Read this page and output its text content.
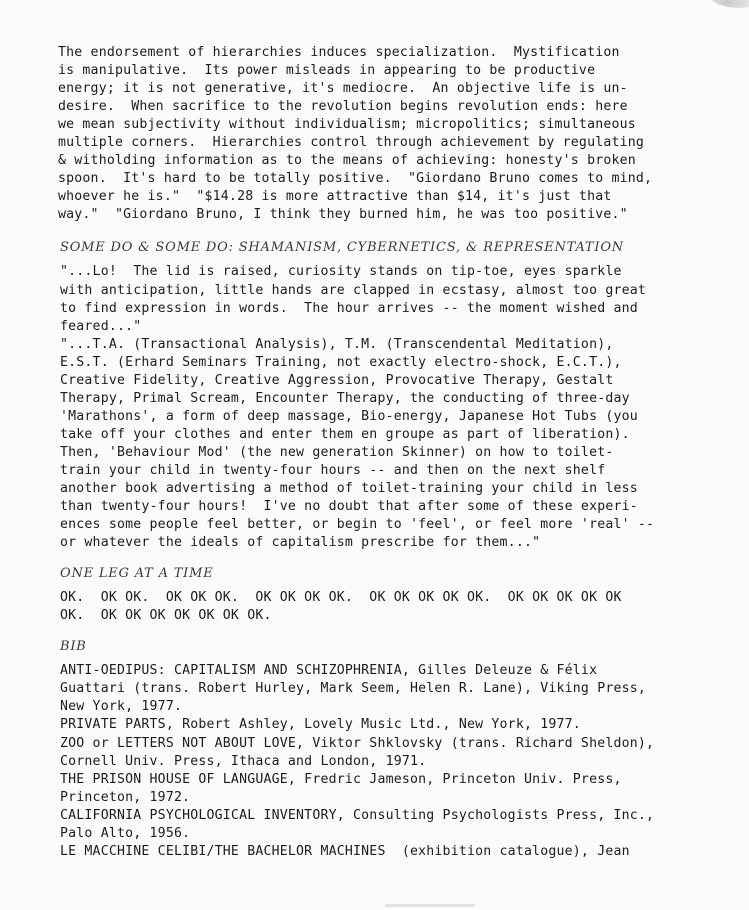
The endorsement of hierarchies induces specialization.  Mystification

is manipulative.  Its power misleads in appearing to be productive

energy; it is not generative, it's mediocre.  An objective life is un-

desire.  When sacrifice to the revolution begins revolution ends: here

we mean subjectivity without individualism; micropolitics; simultaneous

multiple corners.  Hierarchies control through achievement by regulating

& witholding information as to the means of achieving: honesty's broken

spoon.  It's hard to be totally positive.  "Giordano Bruno comes to mind,

whoever he is."  "$14.28 is more attractive than $14, it's just that

way."  "Giordano Bruno, I think they burned him, he was too positive."

SOME DO & SOME DO: SHAMANISM, CYBERNETICS, & REPRESENTATION

"...Lo!  The lid is raised, curiosity stands on tip-toe, eyes sparkle

with anticipation, little hands are clapped in ecstasy, almost too great

to find expression in words.  The hour arrives -- the moment wished and

feared..."

"...T.A. (Transactional Analysis), T.M. (Transcendental Meditation),

E.S.T. (Erhard Seminars Training, not exactly electro-shock, E.C.T.),

Creative Fidelity, Creative Aggression, Provocative Therapy, Gestalt

Therapy, Primal Scream, Encounter Therapy, the conducting of three-day

'Marathons', a form of deep massage, Bio-energy, Japanese Hot Tubs (you

take off your clothes and enter them en groupe as part of liberation).

Then, 'Behaviour Mod' (the new generation Skinner) on how to toilet-

train your child in twenty-four hours -- and then on the next shelf

another book advertising a method of toilet-training your child in less

than twenty-four hours!  I've no doubt that after some of these experi-

ences some people feel better, or begin to 'feel', or feel more 'real' --

or whatever the ideals of capitalism prescribe for them..."

ONE LEG AT A TIME

OK.  OK OK.  OK OK OK.  OK OK OK OK.  OK OK OK OK OK.  OK OK OK OK OK

OK.  OK OK OK OK OK OK OK.

BIB

ANTI-OEDIPUS: CAPITALISM AND SCHIZOPHRENIA, Gilles Deleuze & Félix

Guattari (trans. Robert Hurley, Mark Seem, Helen R. Lane), Viking Press,

New York, 1977.

PRIVATE PARTS, Robert Ashley, Lovely Music Ltd., New York, 1977.

ZOO or LETTERS NOT ABOUT LOVE, Viktor Shklovsky (trans. Richard Sheldon),

Cornell Univ. Press, Ithaca and London, 1971.

THE PRISON HOUSE OF LANGUAGE, Fredric Jameson, Princeton Univ. Press,

Princeton, 1972.

CALIFORNIA PSYCHOLOGICAL INVENTORY, Consulting Psychologists Press, Inc.,

Palo Alto, 1956.

LE MACCHINE CELIBI/THE BACHELOR MACHINES  (exhibition catalogue), Jean
